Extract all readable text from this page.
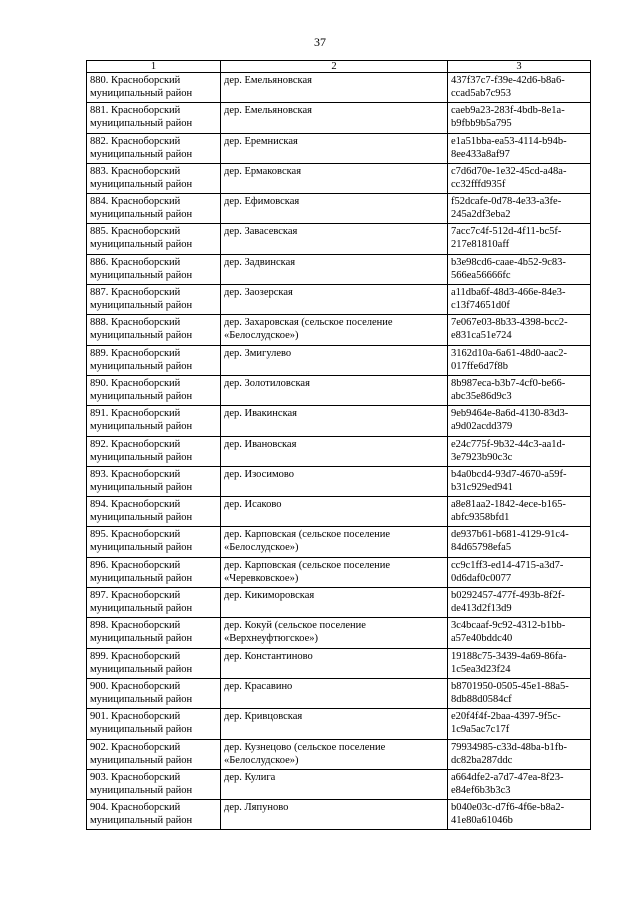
37
1	2	3

880. Красноборский
муниципальный район	дер. Емельяновская	437f37c7-f39e-42d6-b8a6-
ccad5ab7c953

881. Красноборский
муниципальный район	дер. Емельяновская	caeb9a23-283f-4bdb-8e1a-
b9fbb9b5a795

882. Красноборский
муниципальный район	дер. Еремниская	e1a51bba-ea53-4114-b94b-
8ee433a8af97

883. Красноборский
муниципальный район	дер. Ермаковская	c7d6d70e-1e32-45cd-a48a-
cc32fffd935f

884. Красноборский
муниципальный район	дер. Ефимовская	f52dcafe-0d78-4e33-a3fe-
245a2df3eba2

885. Красноборский
муниципальный район	дер. Завасевская	7acc7c4f-512d-4f11-bc5f-
217e81810aff

886. Красноборский
муниципальный район	дер. Задвинская	b3e98cd6-caae-4b52-9c83-
566ea56666fc

887. Красноборский
муниципальный район	дер. Заозерская	a11dba6f-48d3-466e-84e3-
c13f74651d0f

888. Красноборский
муниципальный район	дер. Захаровская (сельское поселение
«Белослудское»)	7e067e03-8b33-4398-bcc2-
e831ca51e724

889. Красноборский
муниципальный район	дер. Змигулево	3162d10a-6a61-48d0-aac2-
017ffe6d7f8b

890. Красноборский
муниципальный район	дер. Золотиловская	8b987eca-b3b7-4cf0-be66-
abc35e86d9c3

891. Красноборский
муниципальный район	дер. Ивакинская	9eb9464e-8a6d-4130-83d3-
a9d02acdd379

892. Красноборский
муниципальный район	дер. Ивановская	e24c775f-9b32-44c3-aa1d-
3e7923b90c3c

893. Красноборский
муниципальный район	дер. Изосимово	b4a0bcd4-93d7-4670-a59f-
b31c929ed941

894. Красноборский
муниципальный район	дер. Исаково	a8e81aa2-1842-4ece-b165-
abfc9358bfd1

895. Красноборский
муниципальный район	дер. Карповская (сельское поселение
«Белослудское»)	de937b61-b681-4129-91c4-
84d65798efa5

896. Красноборский
муниципальный район	дер. Карповская (сельское поселение
«Черевковское»)	cc9c1ff3-ed14-4715-a3d7-
0d6daf0c0077

897. Красноборский
муниципальный район	дер. Кикиморовская	b0292457-477f-493b-8f2f-
de413d2f13d9

898. Красноборский
муниципальный район	дер. Кокуй (сельское поселение
«Верхнеуфтюгское»)	3c4bcaaf-9c92-4312-b1bb-
a57e40bddc40

899. Красноборский
муниципальный район	дер. Константиново	19188c75-3439-4a69-86fa-
1c5ea3d23f24

900. Красноборский
муниципальный район	дер. Красавино	b8701950-0505-45e1-88a5-
8db88d0584cf

901. Красноборский
муниципальный район	дер. Кривцовская	e20f4f4f-2baa-4397-9f5c-
1c9a5ac7c17f

902. Красноборский
муниципальный район	дер. Кузнецово (сельское поселение
«Белослудское»)	79934985-c33d-48ba-b1fb-
dc82ba287ddc

903. Красноборский
муниципальный район	дер. Кулига	a664dfe2-a7d7-47ea-8f23-
e84ef6b3b3c3

904. Красноборский
муниципальный район	дер. Ляпуново	b040e03c-d7f6-4f6e-b8a2-
41e80a61046b
